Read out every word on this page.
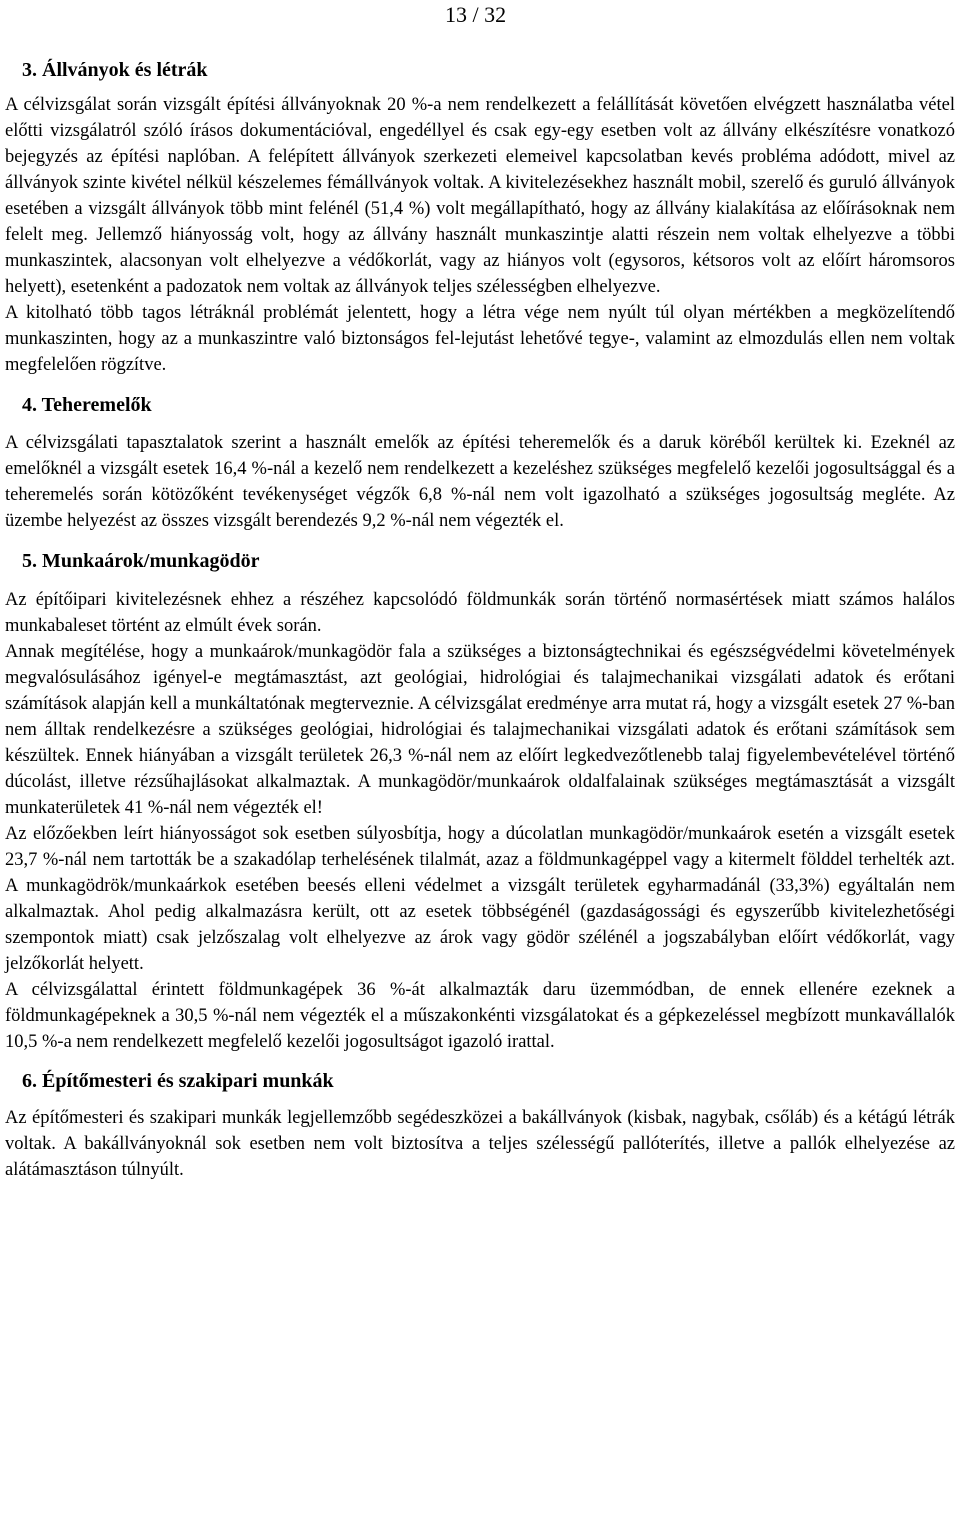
13 / 32
3. Állványok és létrák

A célvizsgálat során vizsgált építési állványoknak 20 %-a nem rendelkezett a felállítását követően elvégzett használatba vétel előtti vizsgálatról szóló írásos dokumentációval, engedéllyel és csak egy-egy esetben volt az állvány elkészítésre vonatkozó bejegyzés az építési naplóban. A felépített állványok szerkezeti elemeivel kapcsolatban kevés probléma adódott, mivel az állványok szinte kivétel nélkül készelemes fémállványok voltak. A kivitelezésekhez használt mobil, szerelő és guruló állványok esetében a vizsgált állványok több mint felénél (51,4 %) volt megállapítható, hogy az állvány kialakítása az előírásoknak nem felelt meg. Jellemző hiányosság volt, hogy az állvány használt munkaszintje alatti részein nem voltak elhelyezve a többi munkaszintek, alacsonyan volt elhelyezve a védőkorlát, vagy az hiányos volt (egysoros, kétsoros volt az előírt háromsoros helyett), esetenként a padozatok nem voltak az állványok teljes szélességben elhelyezve.

A kitolható több tagos létráknál problémát jelentett, hogy a létra vége nem nyúlt túl olyan mértékben a megközelítendő munkaszinten, hogy az a munkaszintre való biztonságos fel-lejutást lehetővé tegye-, valamint az elmozdulás ellen nem voltak megfelelően rögzítve.

4. Teheremelők

A célvizsgálati tapasztalatok szerint a használt emelők az építési teheremelők és a daruk köréből kerültek ki. Ezeknél az emelőknél a vizsgált esetek 16,4 %-nál a kezelő nem rendelkezett a kezeléshez szükséges megfelelő kezelői jogosultsággal és a teheremelés során kötözőként tevékenységet végzők 6,8 %-nál nem volt igazolható a szükséges jogosultság megléte. Az üzembe helyezést az összes vizsgált berendezés 9,2 %-nál nem végezték el.

5. Munkaárok/munkagödör

Az építőipari kivitelezésnek ehhez a részéhez kapcsolódó földmunkák során történő normasértések miatt számos halálos munkabaleset történt az elmúlt évek során.

Annak megítélése, hogy a munkaárok/munkagödör fala a szükséges a biztonságtechnikai és egészségvédelmi követelmények megvalósulásához igényel-e megtámasztást, azt geológiai, hidrológiai és talajmechanikai vizsgálati adatok és erőtani számítások alapján kell a munkáltatónak megterveznie. A célvizsgálat eredménye arra mutat rá, hogy a vizsgált esetek 27 %-ban nem álltak rendelkezésre a szükséges geológiai, hidrológiai és talajmechanikai vizsgálati adatok és erőtani számítások sem készültek. Ennek hiányában a vizsgált területek 26,3 %-nál nem az előírt legkedvezőtlenebb talaj figyelembevételével történő dúcolást, illetve rézsűhajlásokat alkalmaztak. A munkagödör/munkaárok oldalfalainak szükséges megtámasztását a vizsgált munkaterületek 41 %-nál nem végezték el!

Az előzőekben leírt hiányosságot sok esetben súlyosbítja, hogy a dúcolatlan munkagödör/munkaárok esetén a vizsgált esetek 23,7 %-nál nem tartották be a szakadólap terhelésének tilalmát, azaz a földmunkagéppel vagy a kitermelt földdel terhelték azt. A munkagödrök/munkaárkok esetében beesés elleni védelmet a vizsgált területek egyharmadánál (33,3%) egyáltalán nem alkalmaztak. Ahol pedig alkalmazásra került, ott az esetek többségénél (gazdaságossági és egyszerűbb kivitelezhetőségi szempontok miatt) csak jelzőszalag volt elhelyezve az árok vagy gödör szélénél a jogszabályban előírt védőkorlát, vagy jelzőkorlát helyett.

A célvizsgálattal érintett földmunkagépek 36 %-át alkalmazták daru üzemmódban, de ennek ellenére ezeknek a földmunkagépeknek a 30,5 %-nál nem végezték el a műszakonkénti vizsgálatokat és a gépkezeléssel megbízott munkavállalók 10,5 %-a nem rendelkezett megfelelő kezelői jogosultságot igazoló irattal.

6. Építőmesteri és szakipari munkák

Az építőmesteri és szakipari munkák legjellemzőbb segédeszközei a bakállványok (kisbak, nagybak, csőláb) és a kétágú létrák voltak. A bakállványoknál sok esetben nem volt biztosítva a teljes szélességű pallóterítés, illetve a pallók elhelyezése az alátámasztáson túlnyúlt.
